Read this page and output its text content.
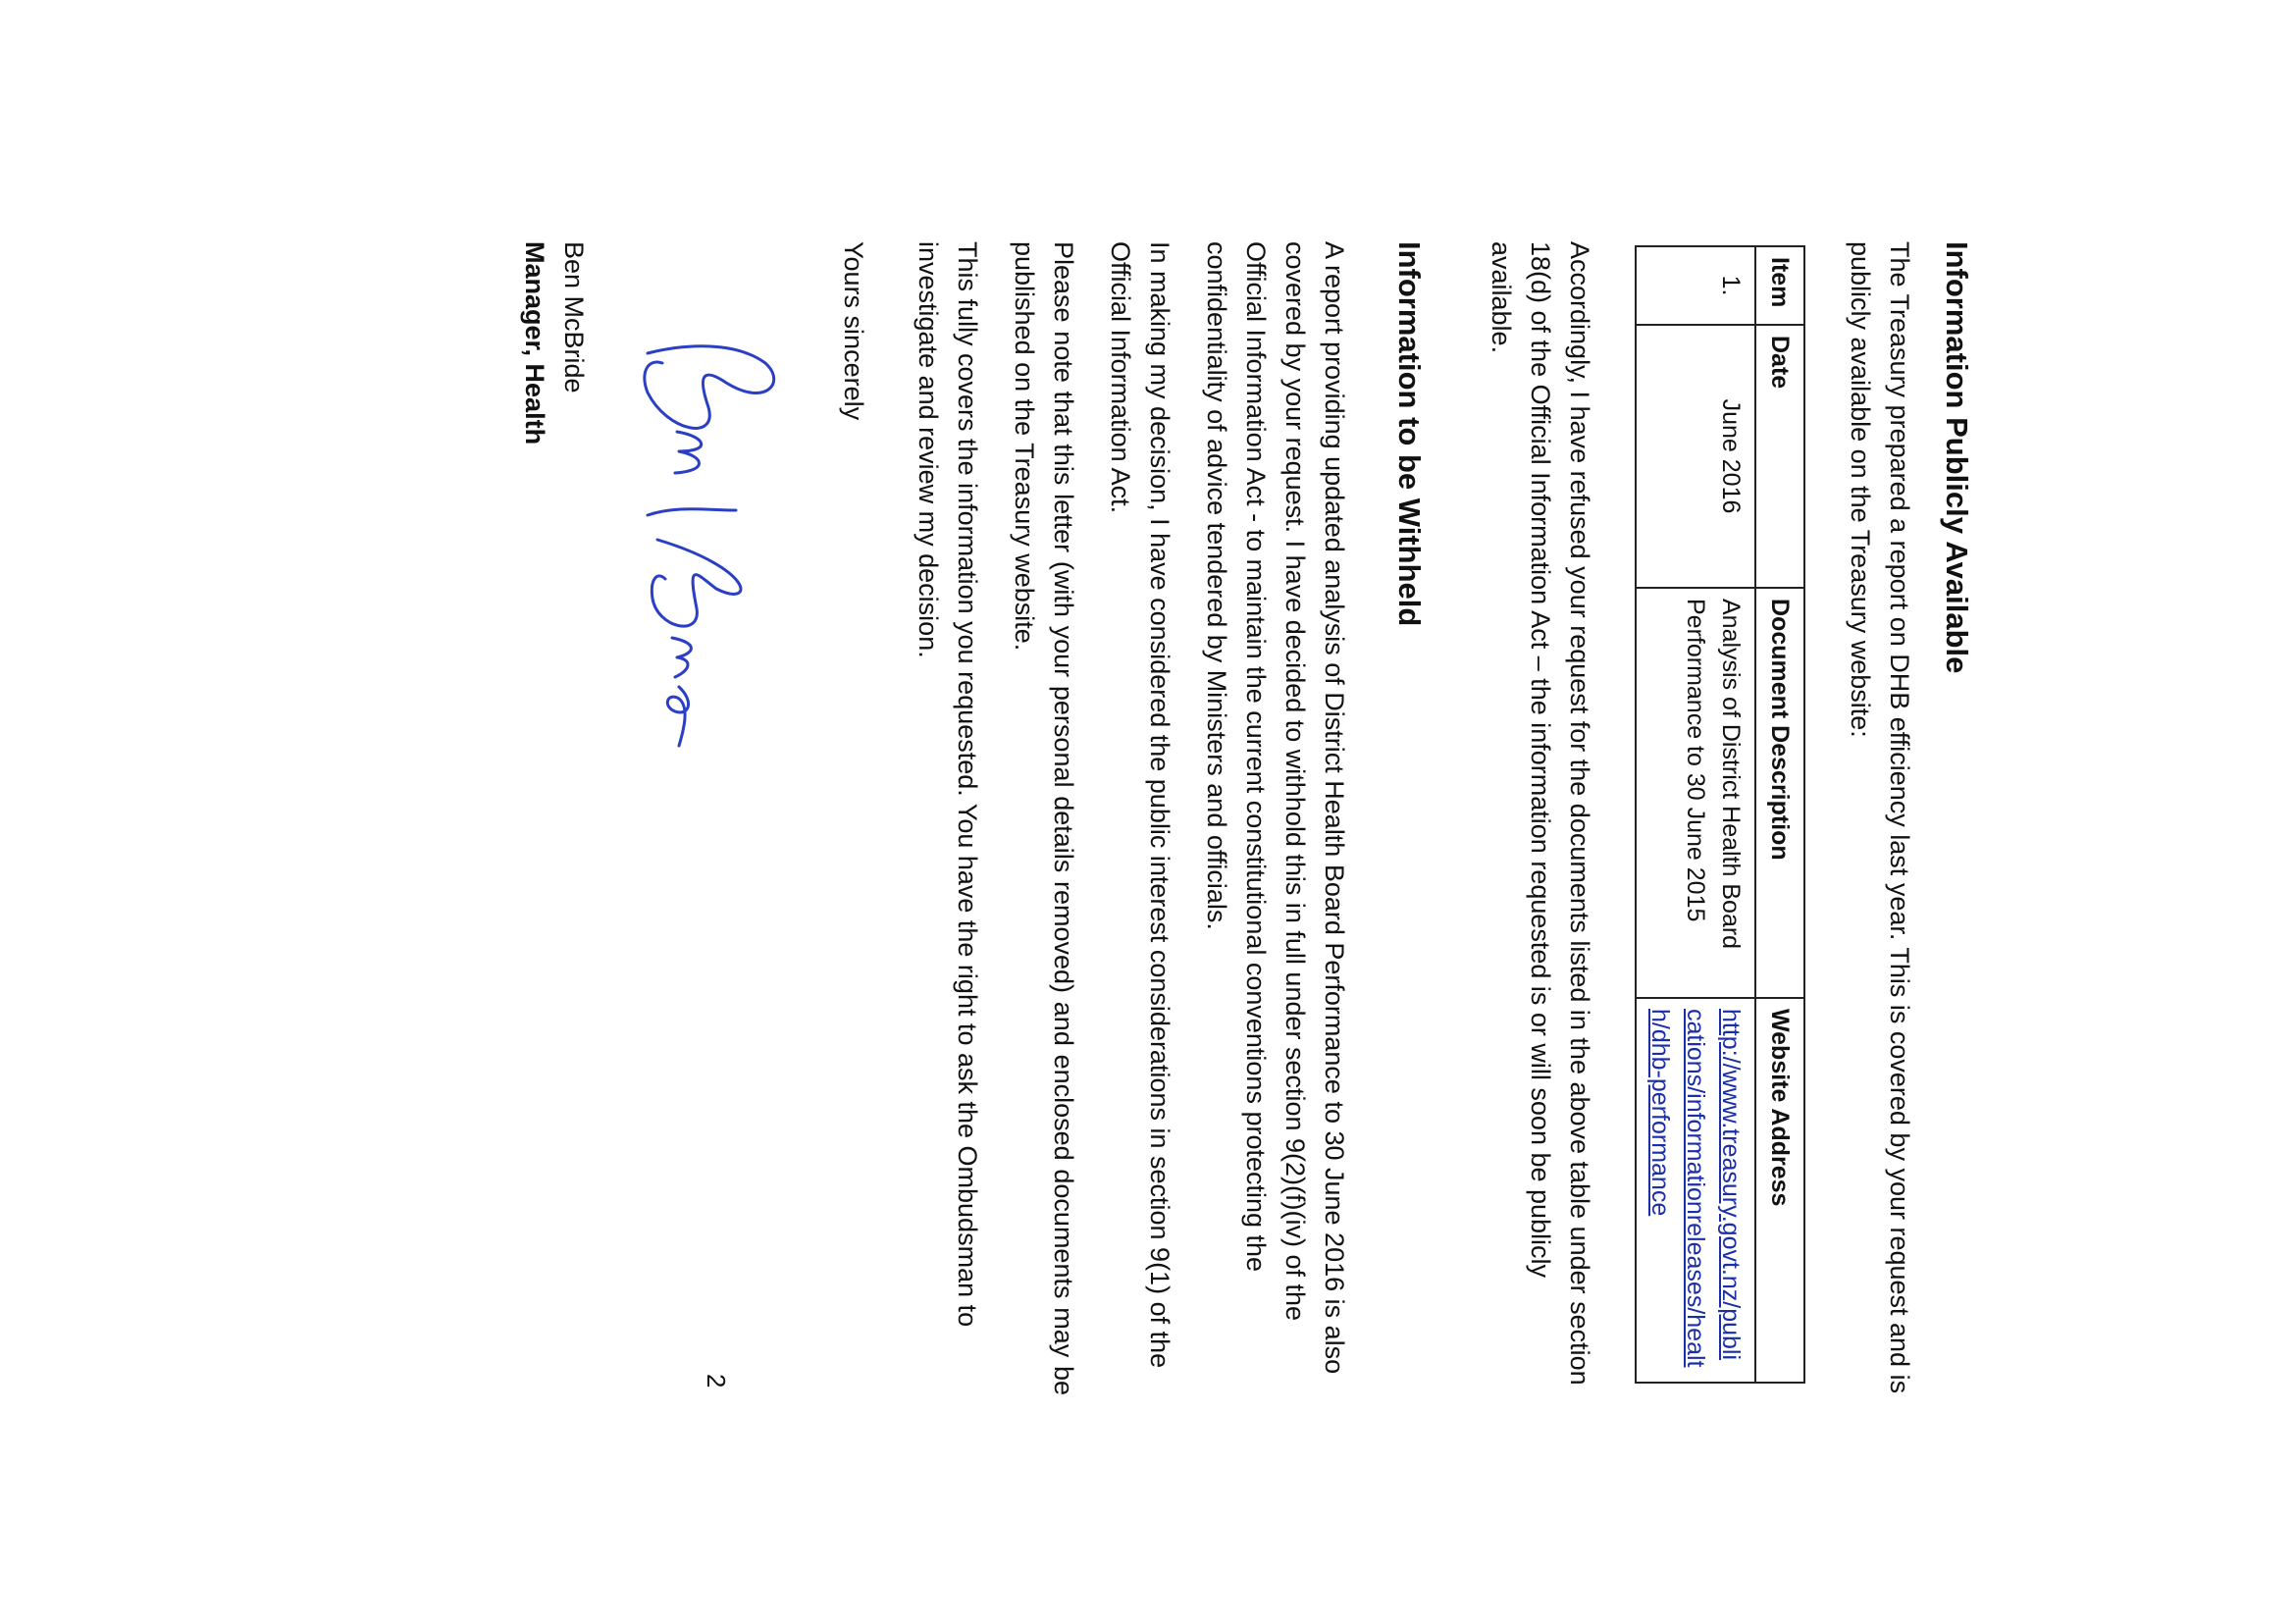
Information Publicly Available

The Treasury prepared a report on DHB efficiency last year. This is covered by your request and is publicly available on the Treasury website:

Item	Date	Document Description	Website Address
1.	June 2016	Analysis of District Health Board Performance to 30 June 2015	http://www.treasury.govt.nz/publications/informationreleases/health/dhb-performance

Accordingly, I have refused your request for the documents listed in the above table under section 18(d) of the Official Information Act – the information requested is or will soon be publicly available.

Information to be Withheld

A report providing updated analysis of District Health Board Performance to 30 June 2016 is also covered by your request. I have decided to withhold this in full under section 9(2)(f)(iv) of the Official Information Act - to maintain the current constitutional conventions protecting the confidentiality of advice tendered by Ministers and officials.

In making my decision, I have considered the public interest considerations in section 9(1) of the Official Information Act.

Please note that this letter (with your personal details removed) and enclosed documents may be published on the Treasury website.

This fully covers the information you requested. You have the right to ask the Ombudsman to investigate and review my decision.

Yours sincerely

Ben McBride

Manager, Health

2
